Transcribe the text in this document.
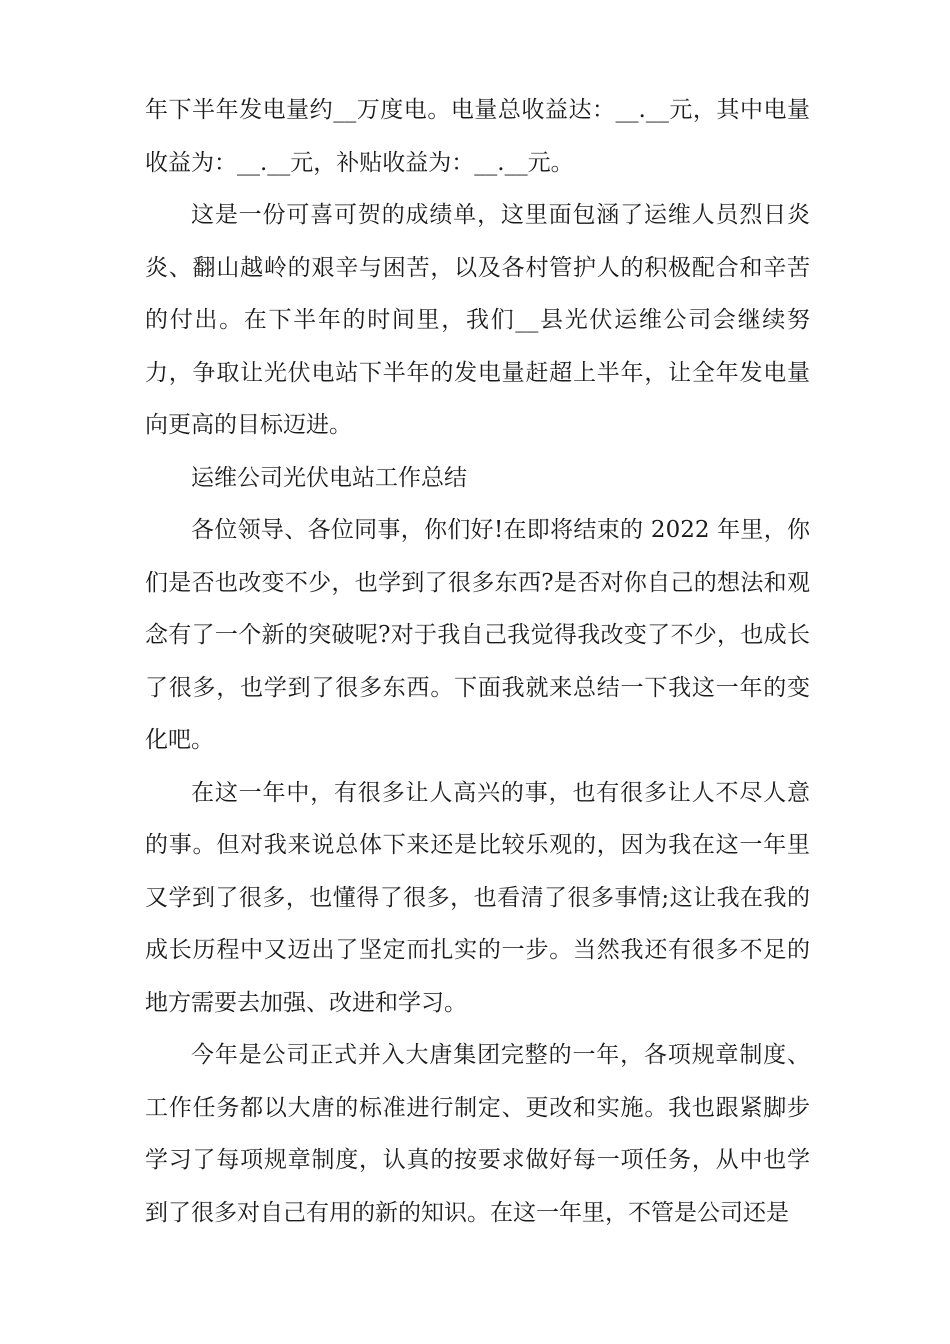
年下半年发电量约__万度电。电量总收益达：__.__元，其中电量收益为：__.__元，补贴收益为：__.__元。

这是一份可喜可贺的成绩单，这里面包涵了运维人员烈日炎炎、翻山越岭的艰辛与困苦，以及各村管护人的积极配合和辛苦的付出。在下半年的时间里，我们__县光伏运维公司会继续努力，争取让光伏电站下半年的发电量赶超上半年，让全年发电量向更高的目标迈进。

运维公司光伏电站工作总结

各位领导、各位同事，你们好!在即将结束的 2022 年里，你们是否也改变不少，也学到了很多东西?是否对你自己的想法和观念有了一个新的突破呢?对于我自己我觉得我改变了不少，也成长了很多，也学到了很多东西。下面我就来总结一下我这一年的变化吧。

在这一年中，有很多让人高兴的事，也有很多让人不尽人意的事。但对我来说总体下来还是比较乐观的，因为我在这一年里又学到了很多，也懂得了很多，也看清了很多事情;这让我在我的成长历程中又迈出了坚定而扎实的一步。当然我还有很多不足的地方需要去加强、改进和学习。

今年是公司正式并入大唐集团完整的一年，各项规章制度、工作任务都以大唐的标准进行制定、更改和实施。我也跟紧脚步学习了每项规章制度，认真的按要求做好每一项任务，从中也学到了很多对自己有用的新的知识。在这一年里，不管是公司还是
